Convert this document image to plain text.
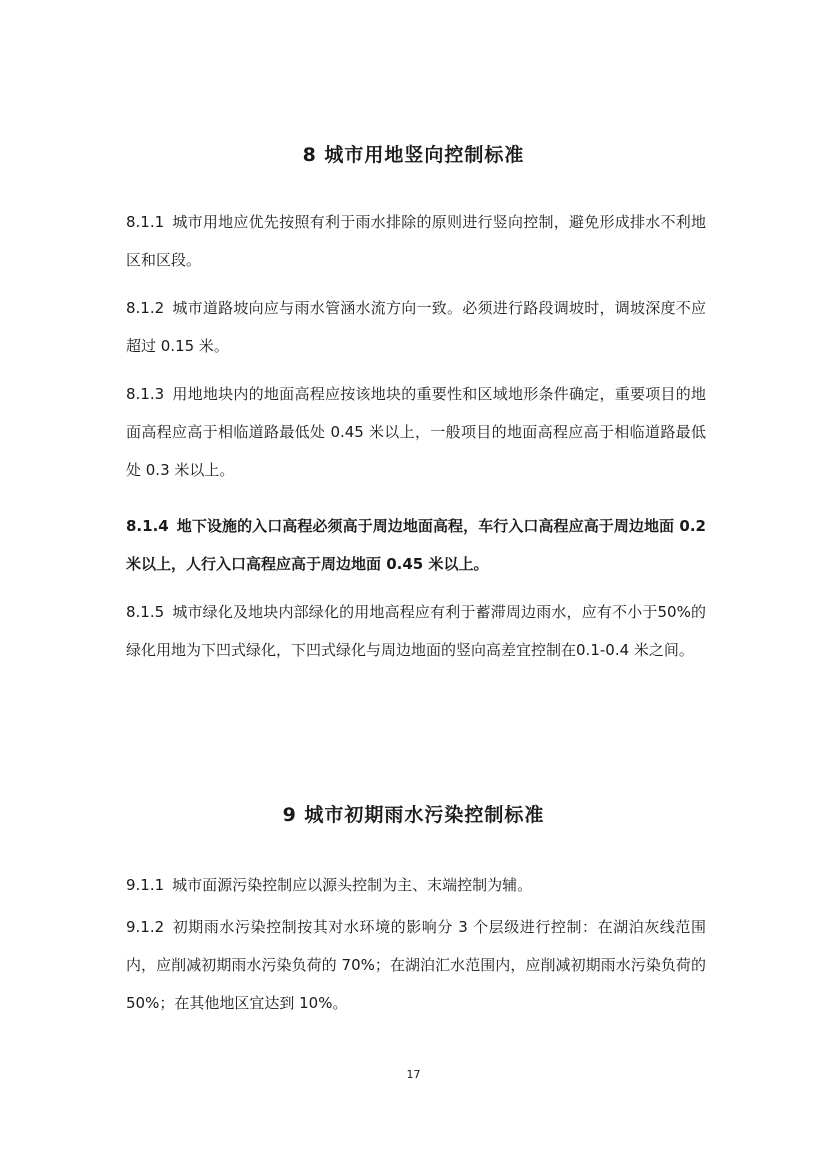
8 城市用地竖向控制标准
8.1.1 城市用地应优先按照有利于雨水排除的原则进行竖向控制，避免形成排水不利地区和区段。
8.1.2 城市道路坡向应与雨水管涵水流方向一致。必须进行路段调坡时，调坡深度不应超过 0.15 米。
8.1.3 用地地块内的地面高程应按该地块的重要性和区域地形条件确定，重要项目的地面高程应高于相临道路最低处 0.45 米以上，一般项目的地面高程应高于相临道路最低处 0.3 米以上。
8.1.4 地下设施的入口高程必须高于周边地面高程，车行入口高程应高于周边地面 0.2 米以上，人行入口高程应高于周边地面 0.45 米以上。
8.1.5 城市绿化及地块内部绿化的用地高程应有利于蓄滞周边雨水，应有不小于50%的绿化用地为下凹式绿化，下凹式绿化与周边地面的竖向高差宜控制在0.1-0.4 米之间。
9 城市初期雨水污染控制标准
9.1.1 城市面源污染控制应以源头控制为主、末端控制为辅。
9.1.2 初期雨水污染控制按其对水环境的影响分 3 个层级进行控制：在湖泊灰线范围内，应削减初期雨水污染负荷的 70%；在湖泊汇水范围内，应削减初期雨水污染负荷的 50%；在其他地区宜达到 10%。
17
